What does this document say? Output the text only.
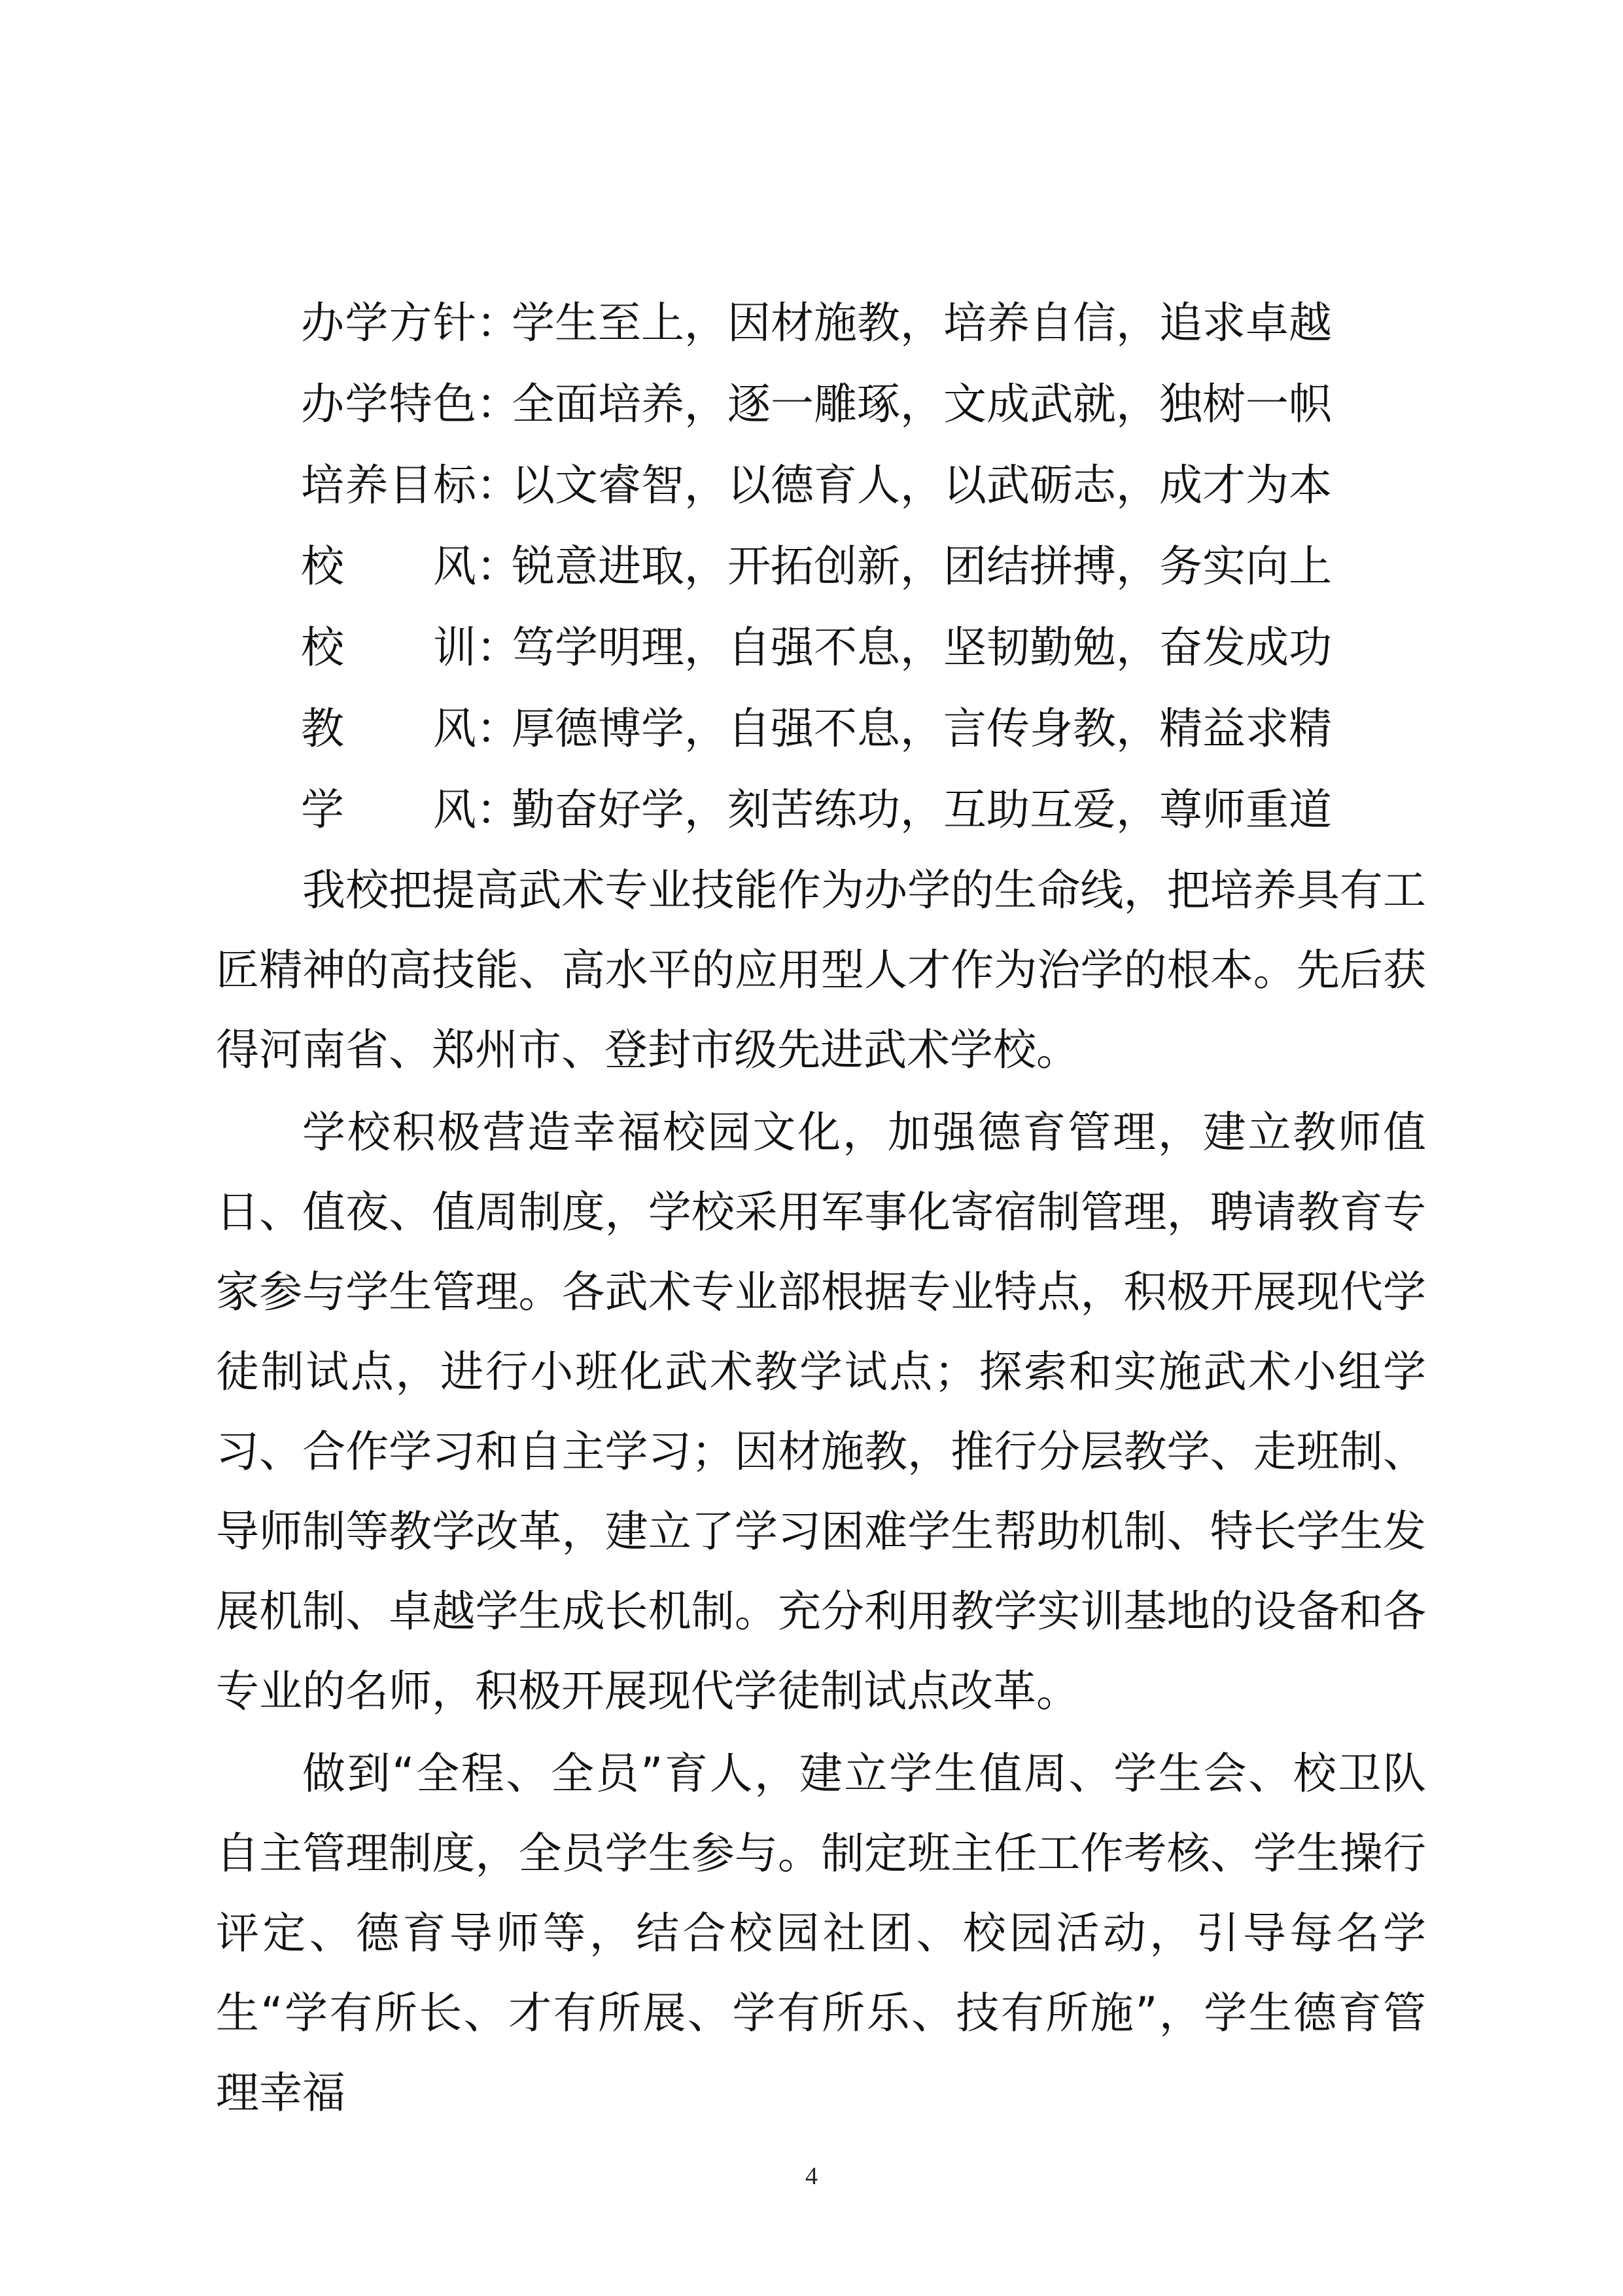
办 学 方 针 ：
学生至上，因材施教，培养自信，追求卓越
办 学 特 色 ：
全面培养，逐一雕琢，文成武就，独树一帜
培 养 目 标 ：
以文睿智，以德育人，以武砺志，成才为本
校 风 ：
锐意进取，开拓创新，团结拼搏，务实向上
校 训 ：
笃学明理，自强不息，坚韧勤勉，奋发成功
教 风 ：
厚德博学，自强不息，言传身教，精益求精
学 风 ：
勤奋好学，刻苦练功，互助互爱，尊师重道

我校把提高武术专业技能作为办学的生命线，把培养具有工匠精神的高技能、高水平的应用型人才作为治学的根本。先后获得河南省、郑州市、登封市级先进武术学校。

学校积极营造幸福校园文化，加强德育管理，建立教师值日、值夜、值周制度，学校采用军事化寄宿制管理，聘请教育专家参与学生管理。各武术专业部根据专业特点，积极开展现代学徒制试点，进行小班化武术教学试点；探索和实施武术小组学习、合作学习和自主学习；因材施教，推行分层教学、走班制、导师制等教学改革，建立了学习困难学生帮助机制、特长学生发展机制、卓越学生成长机制。充分利用教学实训基地的设备和各专业的名师，积极开展现代学徒制试点改革。

做到“全程、全员”育人，建立学生值周、学生会、校卫队自主管理制度，全员学生参与。制定班主任工作考核、学生操行评定、德育导师等，结合校园社团、校园活动，引导每名学生“学有所长、才有所展、学有所乐、技有所施”，学生德育管理幸福

4
